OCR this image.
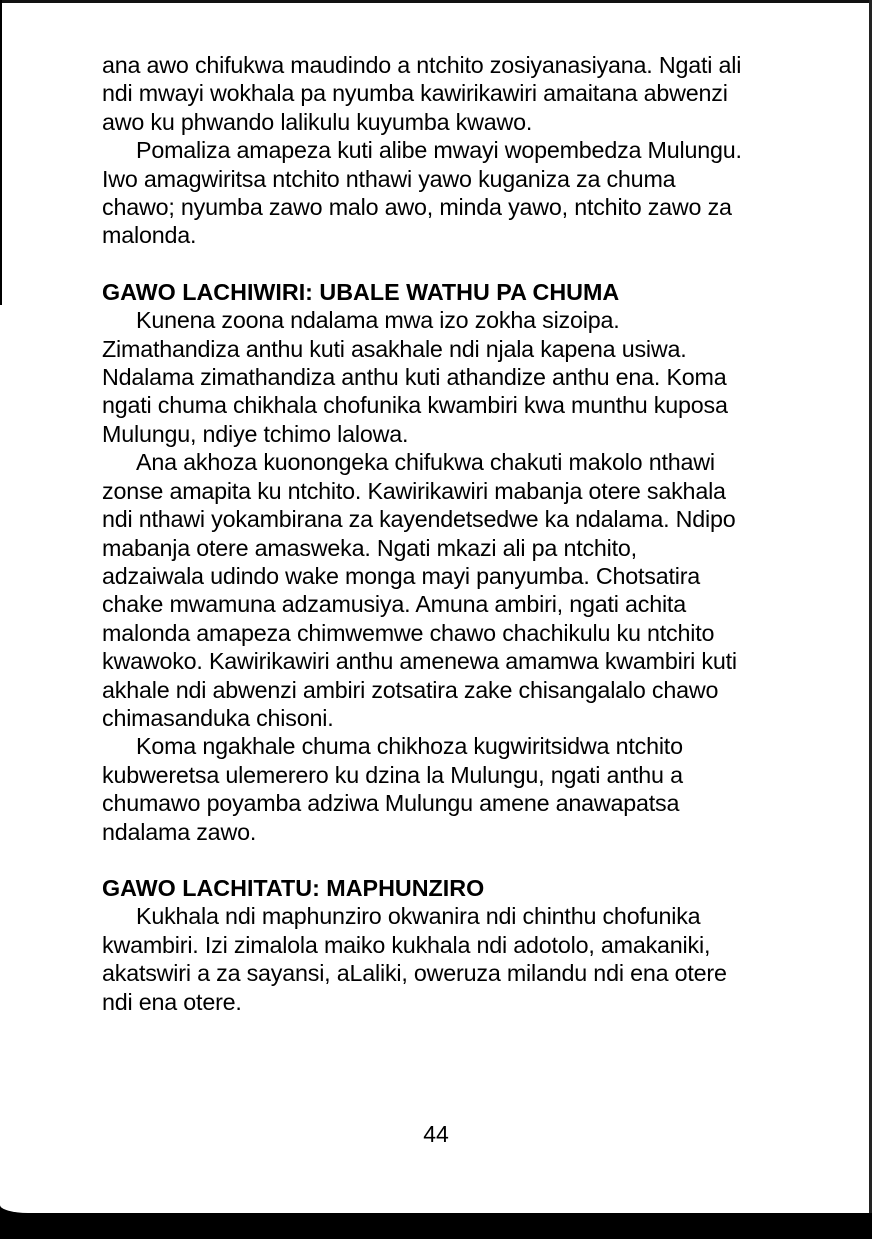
ana awo chifukwa maudindo a ntchito zosiyanasiyana. Ngati ali
ndi mwayi wokhala pa nyumba kawirikawiri amaitana abwenzi
awo ku phwando lalikulu kuyumba kwawo.

Pomaliza amapeza kuti alibe mwayi wopembedza Mulungu.
Iwo amagwiritsa ntchito nthawi yawo kuganiza za chuma
chawo; nyumba zawo malo awo, minda yawo, ntchito zawo za
malonda.

GAWO LACHIWIRI: UBALE WATHU PA CHUMA

Kunena zoona ndalama mwa izo zokha sizoipa.
Zimathandiza anthu kuti asakhale ndi njala kapena usiwa.
Ndalama zimathandiza anthu kuti athandize anthu ena. Koma
ngati chuma chikhala chofunika kwambiri kwa munthu kuposa
Mulungu, ndiye tchimo lalowa.

Ana akhoza kuonongeka chifukwa chakuti makolo nthawi
zonse amapita ku ntchito. Kawirikawiri mabanja otere sakhala
ndi nthawi yokambirana za kayendetsedwe ka ndalama. Ndipo
mabanja otere amasweka. Ngati mkazi ali pa ntchito,
adzaiwala udindo wake monga mayi panyumba. Chotsatira
chake mwamuna adzamusiya. Amuna ambiri, ngati achita
malonda amapeza chimwemwe chawo chachikulu ku ntchito
kwawoko. Kawirikawiri anthu amenewa amamwa kwambiri kuti
akhale ndi abwenzi ambiri zotsatira zake chisangalalo chawo
chimasanduka chisoni.

Koma ngakhale chuma chikhoza kugwiritsidwa ntchito
kubweretsa ulemerero ku dzina la Mulungu, ngati anthu a
chumawo poyamba adziwa Mulungu amene anawapatsa
ndalama zawo.

GAWO LACHITATU: MAPHUNZIRO

Kukhala ndi maphunziro okwanira ndi chinthu chofunika
kwambiri. Izi zimalola maiko kukhala ndi adotolo, amakaniki,
akatswiri a za sayansi, aLaliki, oweruza milandu ndi ena otere
ndi ena otere.

44
